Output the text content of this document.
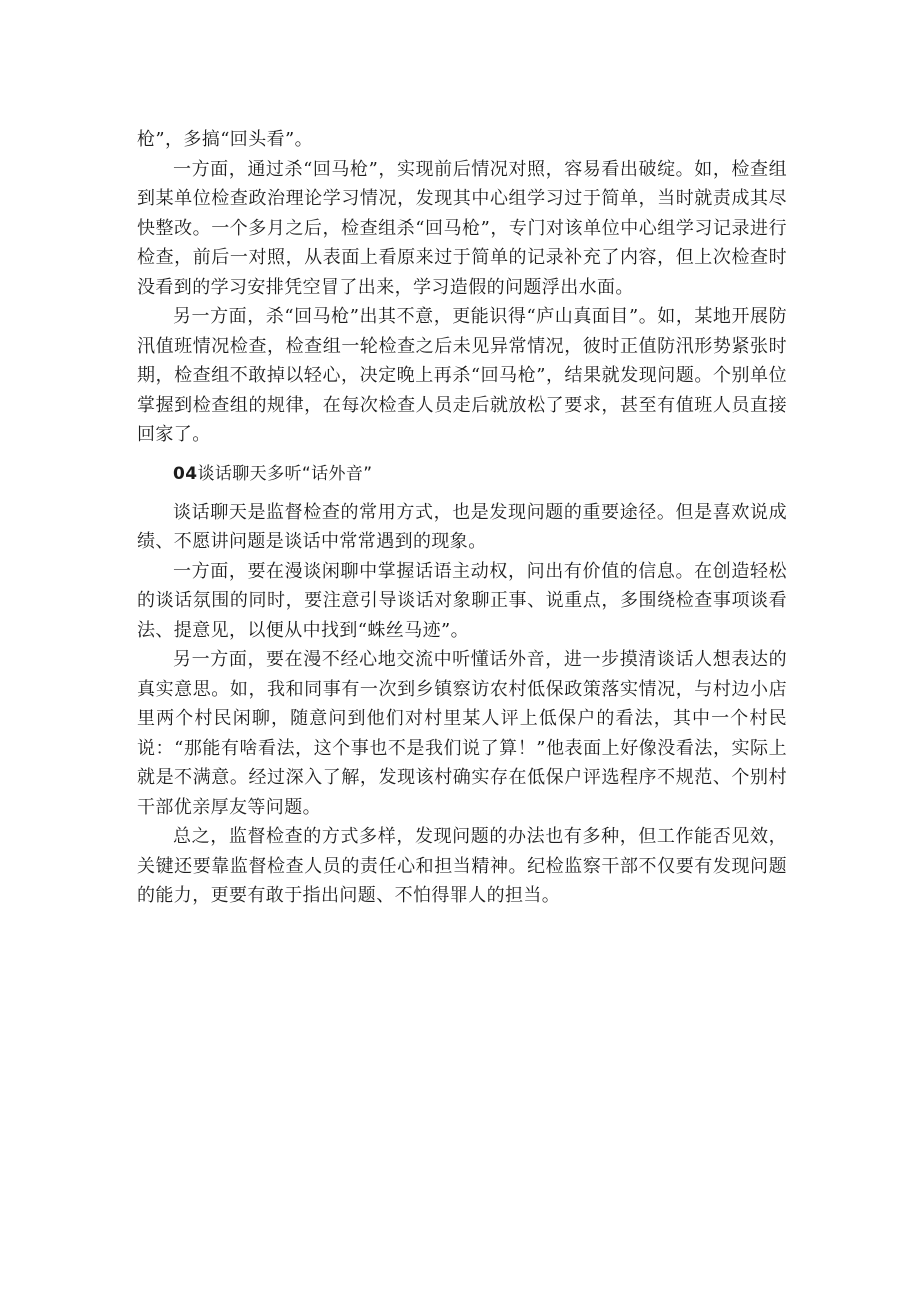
枪”，多搞“回头看”。

一方面，通过杀“回马枪”，实现前后情况对照，容易看出破绽。如，检查组到某单位检查政治理论学习情况，发现其中心组学习过于简单，当时就责成其尽快整改。一个多月之后，检查组杀“回马枪”，专门对该单位中心组学习记录进行检查，前后一对照，从表面上看原来过于简单的记录补充了内容，但上次检查时没看到的学习安排凭空冒了出来，学习造假的问题浮出水面。

另一方面，杀“回马枪”出其不意，更能识得“庐山真面目”。如，某地开展防汛值班情况检查，检查组一轮检查之后未见异常情况，彼时正值防汛形势紧张时期，检查组不敢掉以轻心，决定晚上再杀“回马枪”，结果就发现问题。个别单位掌握到检查组的规律，在每次检查人员走后就放松了要求，甚至有值班人员直接回家了。

04谈话聊天多听“话外音”

谈话聊天是监督检查的常用方式，也是发现问题的重要途径。但是喜欢说成绩、不愿讲问题是谈话中常常遇到的现象。

一方面，要在漫谈闲聊中掌握话语主动权，问出有价值的信息。在创造轻松的谈话氛围的同时，要注意引导谈话对象聊正事、说重点，多围绕检查事项谈看法、提意见，以便从中找到“蛛丝马迹”。

另一方面，要在漫不经心地交流中听懂话外音，进一步摸清谈话人想表达的真实意思。如，我和同事有一次到乡镇察访农村低保政策落实情况，与村边小店里两个村民闲聊，随意问到他们对村里某人评上低保户的看法，其中一个村民说：“那能有啥看法，这个事也不是我们说了算！”他表面上好像没看法，实际上就是不满意。经过深入了解，发现该村确实存在低保户评选程序不规范、个别村干部优亲厚友等问题。

总之，监督检查的方式多样，发现问题的办法也有多种，但工作能否见效，关键还要靠监督检查人员的责任心和担当精神。纪检监察干部不仅要有发现问题的能力，更要有敢于指出问题、不怕得罪人的担当。
